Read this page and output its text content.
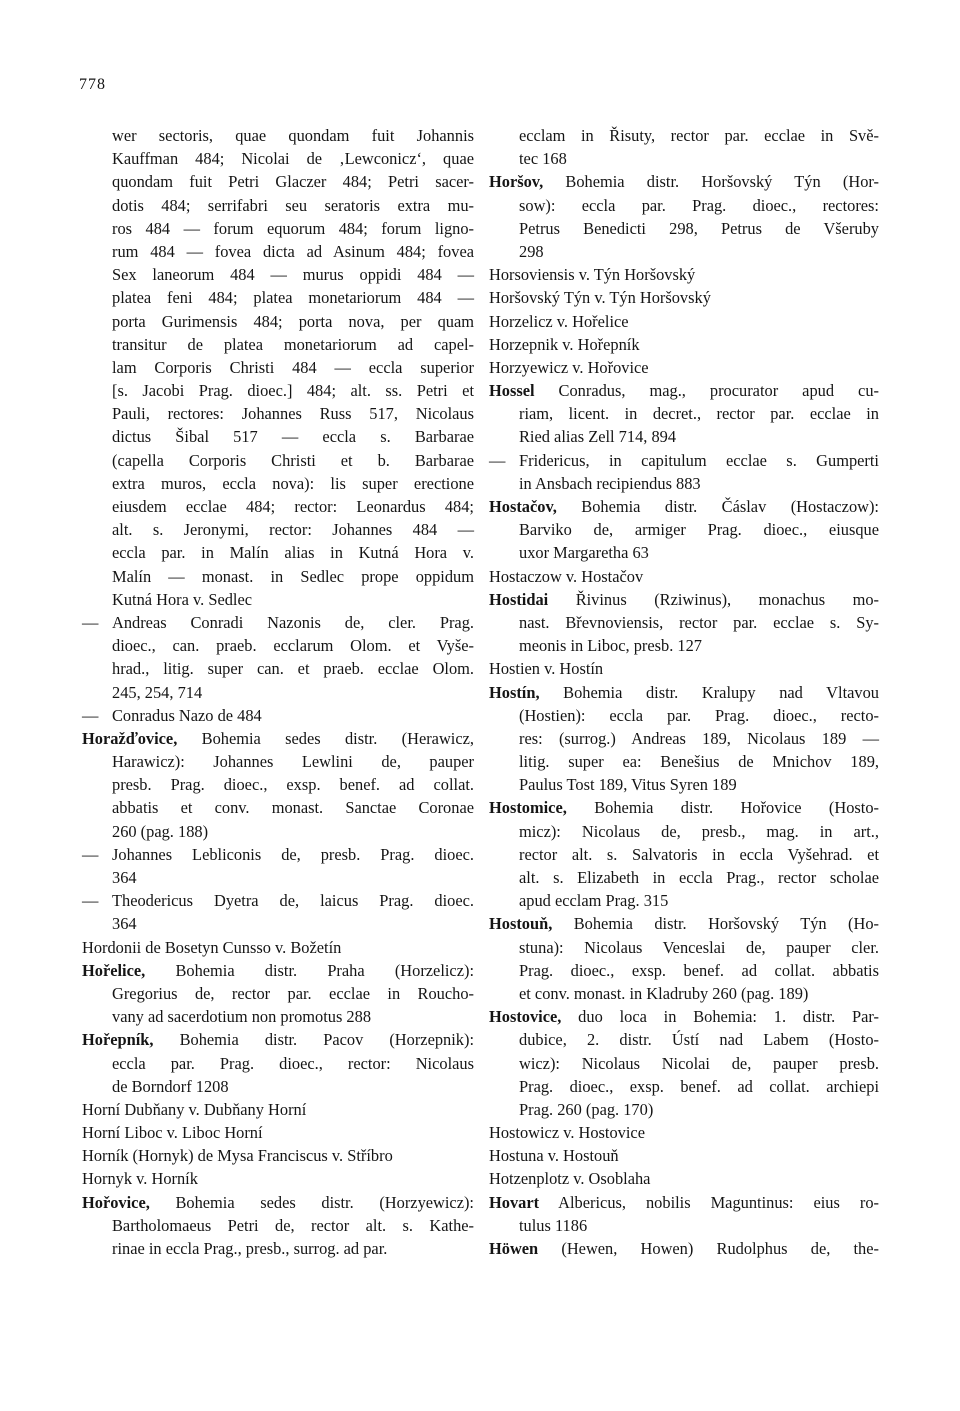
778
wer sectoris, quae quondam fuit Johannis
Kauffman 484; Nicolai de ‚Lewconicz‘, quae
quondam fuit Petri Glaczer 484; Petri sacer-
dotis 484; serrifabri seu seratoris extra mu-
ros 484 — forum equorum 484; forum ligno-
rum 484 — fovea dicta ad Asinum 484; fovea
Sex laneorum 484 — murus oppidi 484 —
platea feni 484; platea monetariorum 484 —
porta Gurimensis 484; porta nova, per quam
transitur de platea monetariorum ad capel-
lam Corporis Christi 484 — eccla superior
[s. Jacobi Prag. dioec.] 484; alt. ss. Petri et
Pauli, rectores: Johannes Russ 517, Nicolaus
dictus Šibal 517 — eccla s. Barbarae
(capella Corporis Christi et b. Barbarae
extra muros, eccla nova): lis super erectione
eiusdem ecclae 484; rector: Leonardus 484;
alt. s. Jeronymi, rector: Johannes 484 —
eccla par. in Malín alias in Kutná Hora v.
Malín — monast. in Sedlec prope oppidum
Kutná Hora v. Sedlec
— Andreas Conradi Nazonis de, cler. Prag.
dioec., can. praeb. ecclarum Olom. et Vyše-
hrad., litig. super can. et praeb. ecclae Olom.
245, 254, 714
— Conradus Nazo de 484
Horažďovice, Bohemia sedes distr. (Herawicz,
Harawicz): Johannes Lewlini de, pauper
presb. Prag. dioec., exsp. benef. ad collat.
abbatis et conv. monast. Sanctae Coronae
260 (pag. 188)
— Johannes Lebliconis de, presb. Prag. dioec.
364
— Theodericus Dyetra de, laicus Prag. dioec.
364
Hordonii de Bosetyn Cunsso v. Božetín
Hořelice, Bohemia distr. Praha (Horzelicz):
Gregorius de, rector par. ecclae in Roucho-
vany ad sacerdotium non promotus 288
Hořepník, Bohemia distr. Pacov (Horzepnik):
eccla par. Prag. dioec., rector: Nicolaus
de Borndorf 1208
Horní Dubňany v. Dubňany Horní
Horní Liboc v. Liboc Horní
Horník (Hornyk) de Mysa Franciscus v. Stříbro
Hornyk v. Horník
Hořovice, Bohemia sedes distr. (Horzyewicz):
Bartholomaeus Petri de, rector alt. s. Kathe-
rinae in eccla Prag., presb., surrog. ad par.
ecclam in Řisuty, rector par. ecclae in Svě-
tec 168
Horšov, Bohemia distr. Horšovský Týn (Hor-
sow): eccla par. Prag. dioec., rectores:
Petrus Benedicti 298, Petrus de Všeruby
298
Horsoviensis v. Týn Horšovský
Horšovský Týn v. Týn Horšovský
Horzelicz v. Hořelice
Horzepnik v. Hořepník
Horzyewicz v. Hořovice
Hossel Conradus, mag., procurator apud cu-
riam, licent. in decret., rector par. ecclae in
Ried alias Zell 714, 894
— Fridericus, in capitulum ecclae s. Gumperti
in Ansbach recipiendus 883
Hostačov, Bohemia distr. Čáslav (Hostaczow):
Barviko de, armiger Prag. dioec., eiusque
uxor Margaretha 63
Hostaczow v. Hostačov
Hostidai Řivinus (Rziwinus), monachus mo-
nast. Břevnoviensis, rector par. ecclae s. Sy-
meonis in Liboc, presb. 127
Hostien v. Hostín
Hostín, Bohemia distr. Kralupy nad Vltavou
(Hostien): eccla par. Prag. dioec., recto-
res: (surrog.) Andreas 189, Nicolaus 189 —
litig. super ea: Benešius de Mnichov 189,
Paulus Tost 189, Vitus Syren 189
Hostomice, Bohemia distr. Hořovice (Hosto-
micz): Nicolaus de, presb., mag. in art.,
rector alt. s. Salvatoris in eccla Vyšehrad. et
alt. s. Elizabeth in eccla Prag., rector scholae
apud ecclam Prag. 315
Hostouň, Bohemia distr. Horšovský Týn (Ho-
stuna): Nicolaus Venceslai de, pauper cler.
Prag. dioec., exsp. benef. ad collat. abbatis
et conv. monast. in Kladruby 260 (pag. 189)
Hostovice, duo loca in Bohemia: 1. distr. Par-
dubice, 2. distr. Ústí nad Labem (Hosto-
wicz): Nicolaus Nicolai de, pauper presb.
Prag. dioec., exsp. benef. ad collat. archiepi
Prag. 260 (pag. 170)
Hostowicz v. Hostovice
Hostuna v. Hostouň
Hotzenplotz v. Osoblaha
Hovart Albericus, nobilis Maguntinus: eius ro-
tulus 1186
Höwen (Hewen, Howen) Rudolphus de, the-
